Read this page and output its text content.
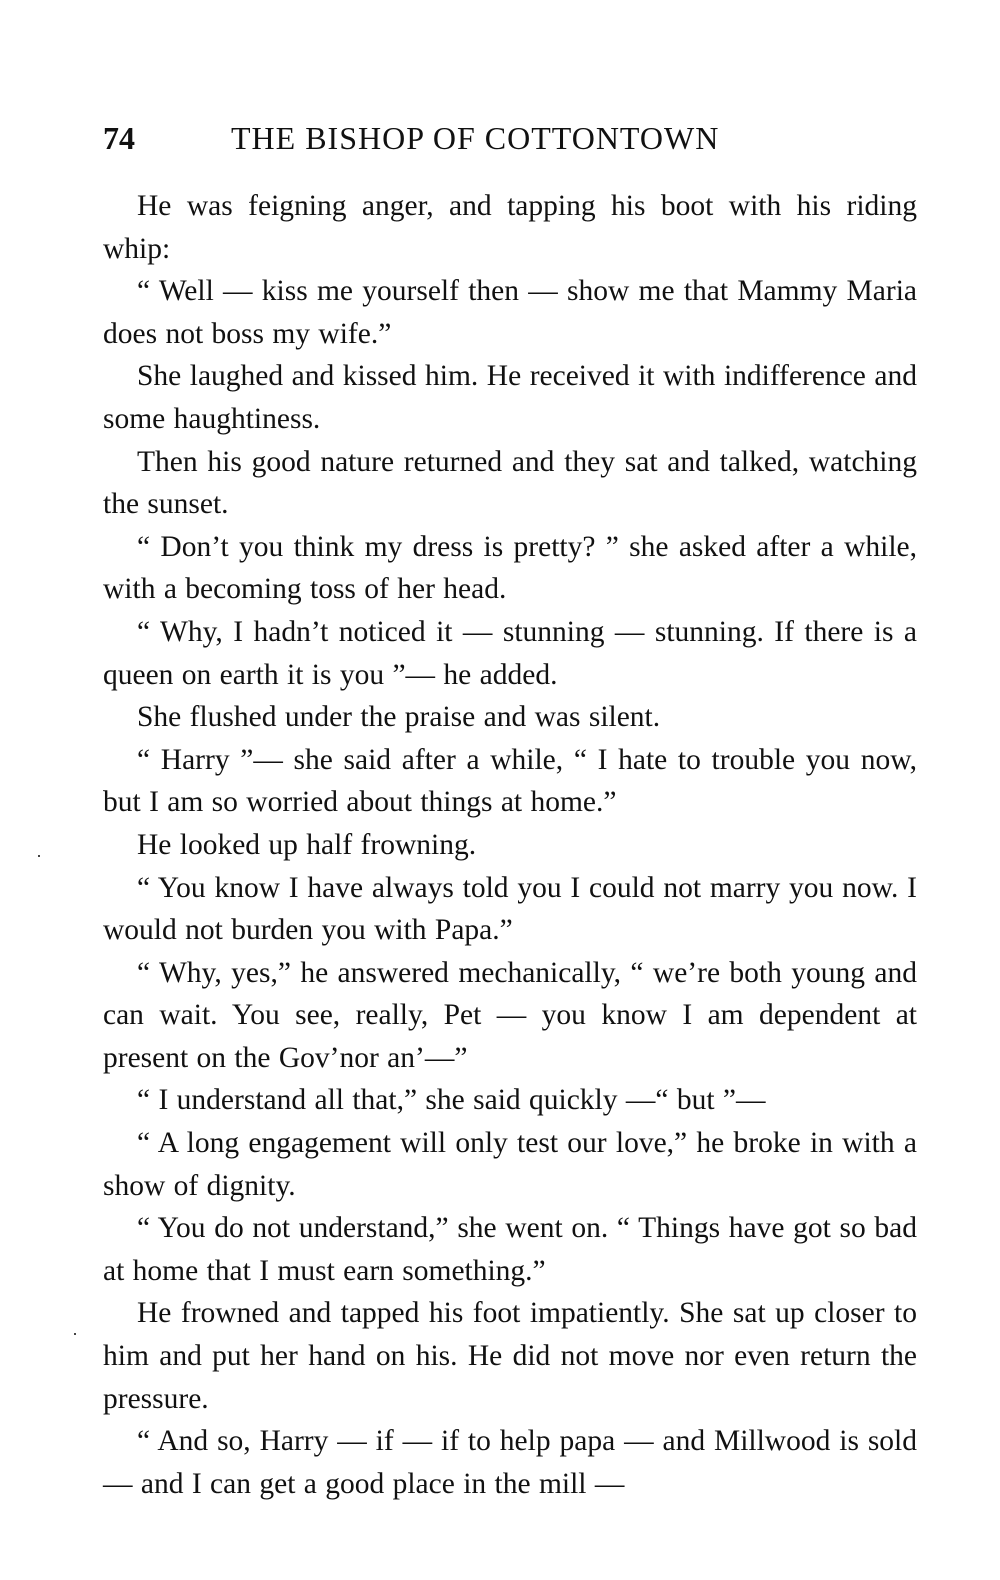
74	THE BISHOP OF COTTONTOWN

He was feigning anger, and tapping his boot with his riding whip:

“ Well — kiss me yourself then — show me that Mammy Maria does not boss my wife.”

She laughed and kissed him. He received it with indifference and some haughtiness.

Then his good nature returned and they sat and talked, watching the sunset.

“ Don’t you think my dress is pretty? ” she asked after a while, with a becoming toss of her head.

“ Why, I hadn’t noticed it — stunning — stunning. If there is a queen on earth it is you ”— he added.

She flushed under the praise and was silent.

“ Harry ”— she said after a while, “ I hate to trouble you now, but I am so worried about things at home.”

He looked up half frowning.

“ You know I have always told you I could not marry you now. I would not burden you with Papa.”

“ Why, yes,” he answered mechanically, “ we’re both young and can wait. You see, really, Pet — you know I am dependent at present on the Gov’nor an’—”

“ I understand all that,” she said quickly —“ but ”—

“ A long engagement will only test our love,” he broke in with a show of dignity.

“ You do not understand,” she went on. “ Things have got so bad at home that I must earn something.”

He frowned and tapped his foot impatiently. She sat up closer to him and put her hand on his. He did not move nor even return the pressure.

“ And so, Harry — if — if to help papa — and Millwood is sold — and I can get a good place in the mill —
